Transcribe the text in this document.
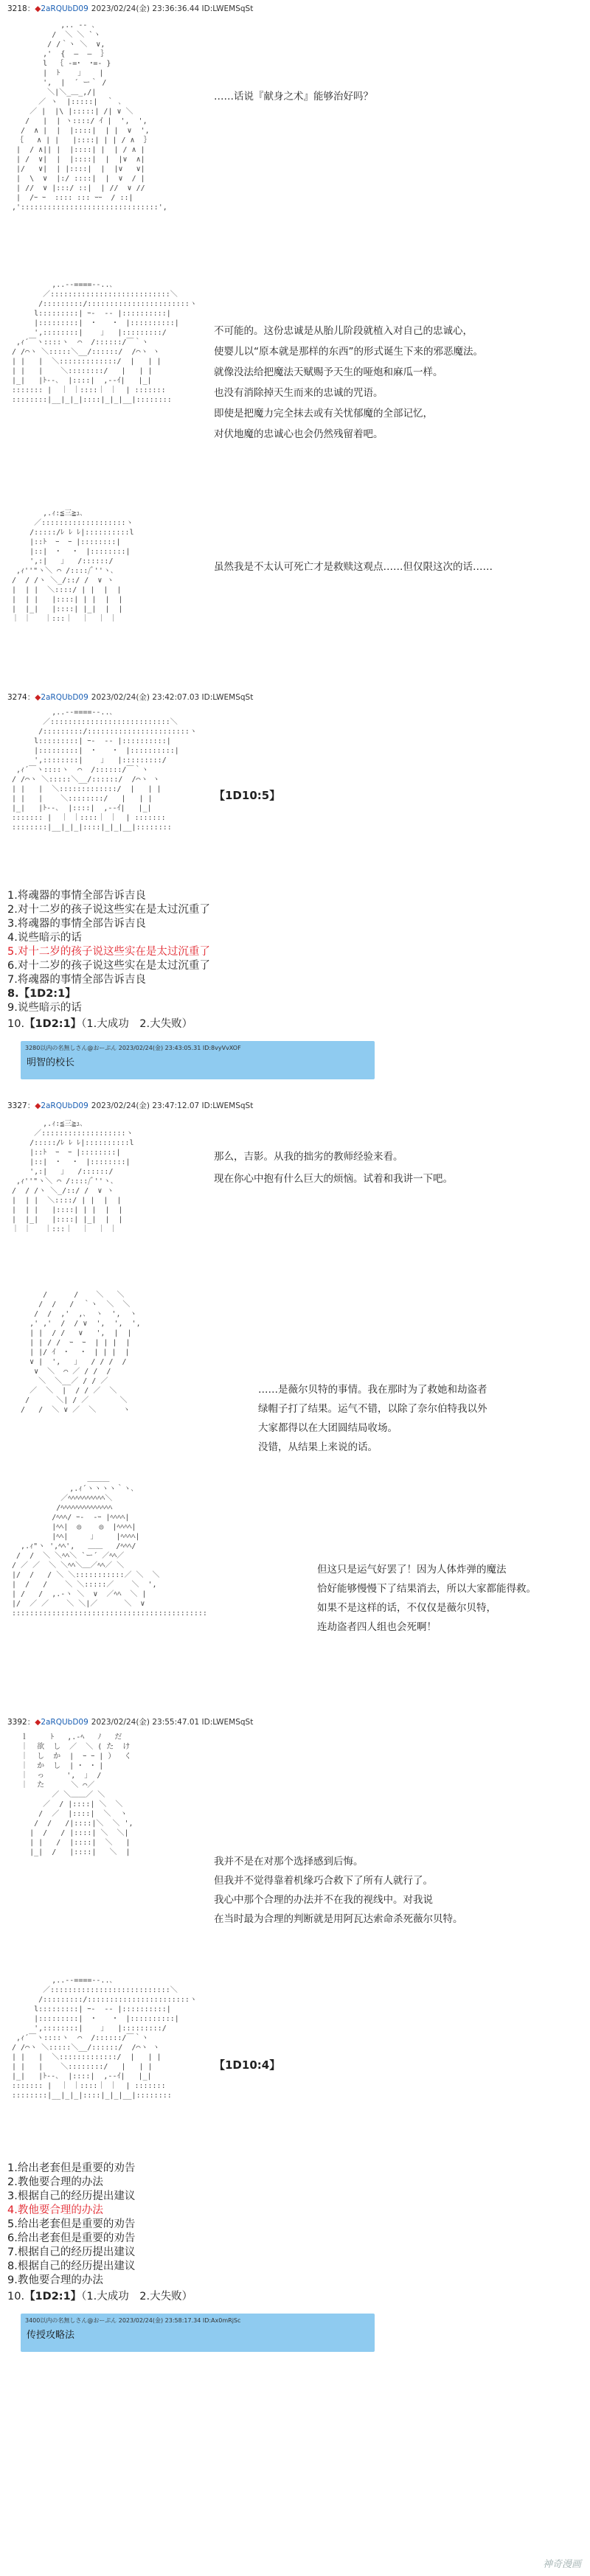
3218：◆2aRQUbD09 2023/02/24(金) 23:36:36.44 ID:LWEMSqSt
,.. ‐- ､
/  ＼ ＼ `ヽ
/ /｀ヽ ＼  ∨,
,'  {  ―  ―  ｝
l  ｛ ‐=･  ･=‐ }
|  ﾄ    ｣    |
',  |  ´ ー｀ /
＼|＼_＿_,/|
／ ヽ  |:::::|  ｀ ､
／ |  |\ |:::::| /| ∨ ＼
/   |  | ヽ::::/ ｲ |  ',  ',
/  ∧ |  |  |::::|  | |  ∨  ',
｛   ∧ | |   |::::| | | / ∧  ｝
|  / ∧|| |  |::::| |  | / ∧ |
| /  ∨|  |  |::::|  |  |∨  ∧|
|/   ∨|  | |::::|  |  |∨   ∨|
|  \  ∨  |:/ ::::|  |  ∨  / |
| //  ∨ |:::/ ::|  | //  ∨ //
|  /ｰ ｰ  :::: ::: ｰｰ  / ::|
,':::::::::::::::::::::::::::::::',

……话说『献身之术』能够治好吗？
,..-‐====‐-..､
／:::::::::::::::::::::::::::＼
/:::::::::/:::::::::::::::::::::::ヽ
l:::::::::| ｰ-  -‐ |::::::::::|
|:::::::::|  ･    ･  |::::::::::|
',::::::::|    ｣   |:::::::::/
,ｨ´￣ヽ::::ヽ  ⌒  /::::::/￣｀ヽ
/ /⌒ヽ ＼:::::＼__/::::::/  /⌒ヽ ヽ
| |   |  ＼:::::::::::::/  |   | |
| |   |    ＼::::::::/   |   | |
|_|   |ﾄ--､  |::::|  ,--ｲ|   |_|
::::::: |  ｜ ｜::::｜ ｜  | :::::::
::::::::|__|_|_|::::|_|_|__|::::::::

不可能的。这份忠诚是从胎儿阶段就植入对自己的忠诚心，
使婴儿以“原本就是那样的东西”的形式诞生下来的邪恶魔法。
就像没法给把魔法天赋赐予天生的哑炮和麻瓜一样。
也没有消除掉天生而来的忠诚的咒语。
即使是把魔力完全抹去或有关忧郁魔的全部记忆，
对伏地魔的忠诚心也会仍然残留着吧。
,.ｨ:≦三≧ｭ､
／:::::::::::::::::::ヽ
/:::::/ﾚ ﾚ ﾚ|::::::::::l
|::ﾄ  ｰ  ｰ |::::::::|
|::|  ･   ･  |::::::::|
',:|   ｣   /::::::/
,ｨ''"ヽ＼ ⌒ /::::/ﾞ''ヽ､
/  / /ヽ ＼_/::/ /  ∨ ヽ
|  | |  ＼::::/ | |  |  |
|  | |   |::::| | |  |  |
|  |_|   |::::| |_|  |  |
｜ ｜   ｜:::｜  ｜  ｜ ｜

虽然我是不太认可死亡才是救赎这观点……但仅限这次的话……
3274：◆2aRQUbD09 2023/02/24(金) 23:42:07.03 ID:LWEMSqSt
,..-‐====‐-..､
／:::::::::::::::::::::::::::＼
/:::::::::/:::::::::::::::::::::::ヽ
l:::::::::| ｰ-  -‐ |::::::::::|
|:::::::::|  ･    ･  |::::::::::|
',::::::::|    ｣   |:::::::::/
,ｨ´￣ヽ::::ヽ  ⌒  /::::::/￣｀ヽ
/ /⌒ヽ ＼:::::＼__/::::::/  /⌒ヽ ヽ
| |   |  ＼:::::::::::::/  |   | |
| |   |    ＼::::::::/   |   | |
|_|   |ﾄ--､  |::::|  ,--ｲ|   |_|
::::::: |  ｜ ｜::::｜ ｜  | :::::::
::::::::|__|_|_|::::|_|_|__|::::::::

【1D10:5】
1.将魂器的事情全部告诉吉良
2.对十二岁的孩子说这些实在是太过沉重了
3.将魂器的事情全部告诉吉良
4.说些暗示的话
5.对十二岁的孩子说这些实在是太过沉重了
6.对十二岁的孩子说这些实在是太过沉重了
7.将魂器的事情全部告诉吉良
8.【1D2:1】
9.说些暗示的话
10.【1D2:1】（1.大成功　2.大失败）
3280以内の名無しさん@おーぷん 2023/02/24(金) 23:43:05.31 ID:8vyVvXOF
明智的校长
3327：◆2aRQUbD09 2023/02/24(金) 23:47:12.07 ID:LWEMSqSt
,.ｨ:≦三≧ｭ､
／:::::::::::::::::::ヽ
/:::::/ﾚ ﾚ ﾚ|::::::::::l
|::ﾄ  ｰ  ｰ |::::::::|
|::|  ･   ･  |::::::::|
',:|   ｣   /::::::/
,ｨ''"ヽ＼ ⌒ /::::/ﾞ''ヽ､
/  / /ヽ ＼_/::/ /  ∨ ヽ
|  | |  ＼::::/ | |  |  |
|  | |   |::::| | |  |  |
|  |_|   |::::| |_|  |  |
｜ ｜   ｜:::｜  ｜  ｜ ｜

那么，吉影。从我的拙劣的教师经验来看。
现在你心中抱有什么巨大的烦恼。试着和我讲一下吧。
/      /    ＼   ＼
/  /   /  ｀ヽ  ＼  ＼
/  /  ,'  ,､  ヽ  ',  ヽ
,' ,'  /  / ∨  ',  ',  ',
| |  / /   ∨   ',  |  |
| | / /  ｰ  ｰ  | | |  |
| |/ ｲ  ･   ･  | | |  |
∨ |  ',   ｣   / / /  /
∨  ＼  ⌒ ／ / /  /
＼  ＼__／ / / ／
／  ＼  |  / / ／  ＼
/      ＼| / ／       ＼
/   /  ＼ ∨ ／  ＼      ヽ

……是薇尔贝特的事情。我在那时为了救她和劫盗者
绿帽子打了结果。运气不错，以除了奈尔伯特我以外
大家都得以在大团圆结局收场。
没错，从结果上来说的话。
＿＿＿
,.ｨ´ヽヽヽヽ｀ヽ､
／ﾍﾍﾍﾍﾍﾍﾍﾍﾍﾍ＼
/ﾍﾍﾍﾍﾍﾍﾍﾍﾍﾍﾍﾍﾍﾍ
/ﾍﾍﾍ/ ｰ‐  ‐ｰ |ﾍﾍﾍﾍ|
|ﾍﾍ|  ◎    ◎  |ﾍﾍﾍﾍ|
|ﾍﾍ|     ｣     |ﾍﾍﾍﾍ|
,.ｨ"ヽ ',ﾍﾍ',   ＿＿   /ﾍﾍﾍ/
/  /  ＼ ＼ﾍﾍ＼ `ー´ ／ﾍﾍ／
/ ／ ／  ＼ ＼ﾍﾍ＼＿／ﾍﾍ／ ＼
|/  /   / ＼ ＼:::::::::::／ ＼  ＼
|  /   /    ＼ ＼:::::／    ＼  ',
| /   /  ,.‐ヽ ＼  ∨  ／ﾍﾍ  ＼ |
|/  ／ ／    ＼ ＼|／      ＼  ∨
::::::::::::::::::::::::::::::::::::::::::::

但这只是运气好罢了！因为人体炸弹的魔法
恰好能够慢慢下了结果消去，所以大家都能得救。
如果不是这样的话，不仅仅是薇尔贝特，
连劫盗者四人组也会死啊！
3392：◆2aRQUbD09 2023/02/24(金) 23:55:47.01 ID:LWEMSqSt
ｌ     ﾄ   ,.‐ﾍ   ﾉ   だ
｜  欲  し  ／  ＼ ( た  け
｜  し  か  |  ｰ ｰ | ）  く
｜  か  し  | ･  ･ |
｜  っ     ',  ｣  /
｜  た      ＼ ⌒／
／ ＼＿＿／ ＼
／  / |::::| ＼  ＼
/  ／  |::::|  ＼  ヽ
/  /   /|::::|＼  ＼ ',
|  /   / |::::| ＼  ＼|
| |   /  |::::|  ＼   |
|_|  /   |::::|   ＼  |

我并不是在对那个选择感到后悔。
但我并不觉得靠着机缘巧合救下了所有人就行了。
我心中那个合理的办法并不在我的视线中。对我说
在当时最为合理的判断就是用阿瓦达索命杀死薇尔贝特。
,..-‐====‐-..､
／:::::::::::::::::::::::::::＼
/:::::::::/:::::::::::::::::::::::ヽ
l:::::::::| ｰ-  -‐ |::::::::::|
|:::::::::|  ･    ･  |::::::::::|
',::::::::|    ｣   |:::::::::/
,ｨ´￣ヽ::::ヽ  ⌒  /::::::/￣｀ヽ
/ /⌒ヽ ＼:::::＼__/::::::/  /⌒ヽ ヽ
| |   |  ＼:::::::::::::/  |   | |
| |   |    ＼::::::::/   |   | |
|_|   |ﾄ--､  |::::|  ,--ｲ|   |_|
::::::: |  ｜ ｜::::｜ ｜  | :::::::
::::::::|__|_|_|::::|_|_|__|::::::::

【1D10:4】
1.给出老套但是重要的劝告
2.教他要合理的办法
3.根据自己的经历提出建议
4.教他要合理的办法
5.给出老套但是重要的劝告
6.给出老套但是重要的劝告
7.根据自己的经历提出建议
8.根据自己的经历提出建议
9.教他要合理的办法
10.【1D2:1】（1.大成功　2.大失败）
3400以内の名無しさん@おーぷん 2023/02/24(金) 23:58:17.34 ID:Ax0mRjSc
传授攻略法
神奇漫画
